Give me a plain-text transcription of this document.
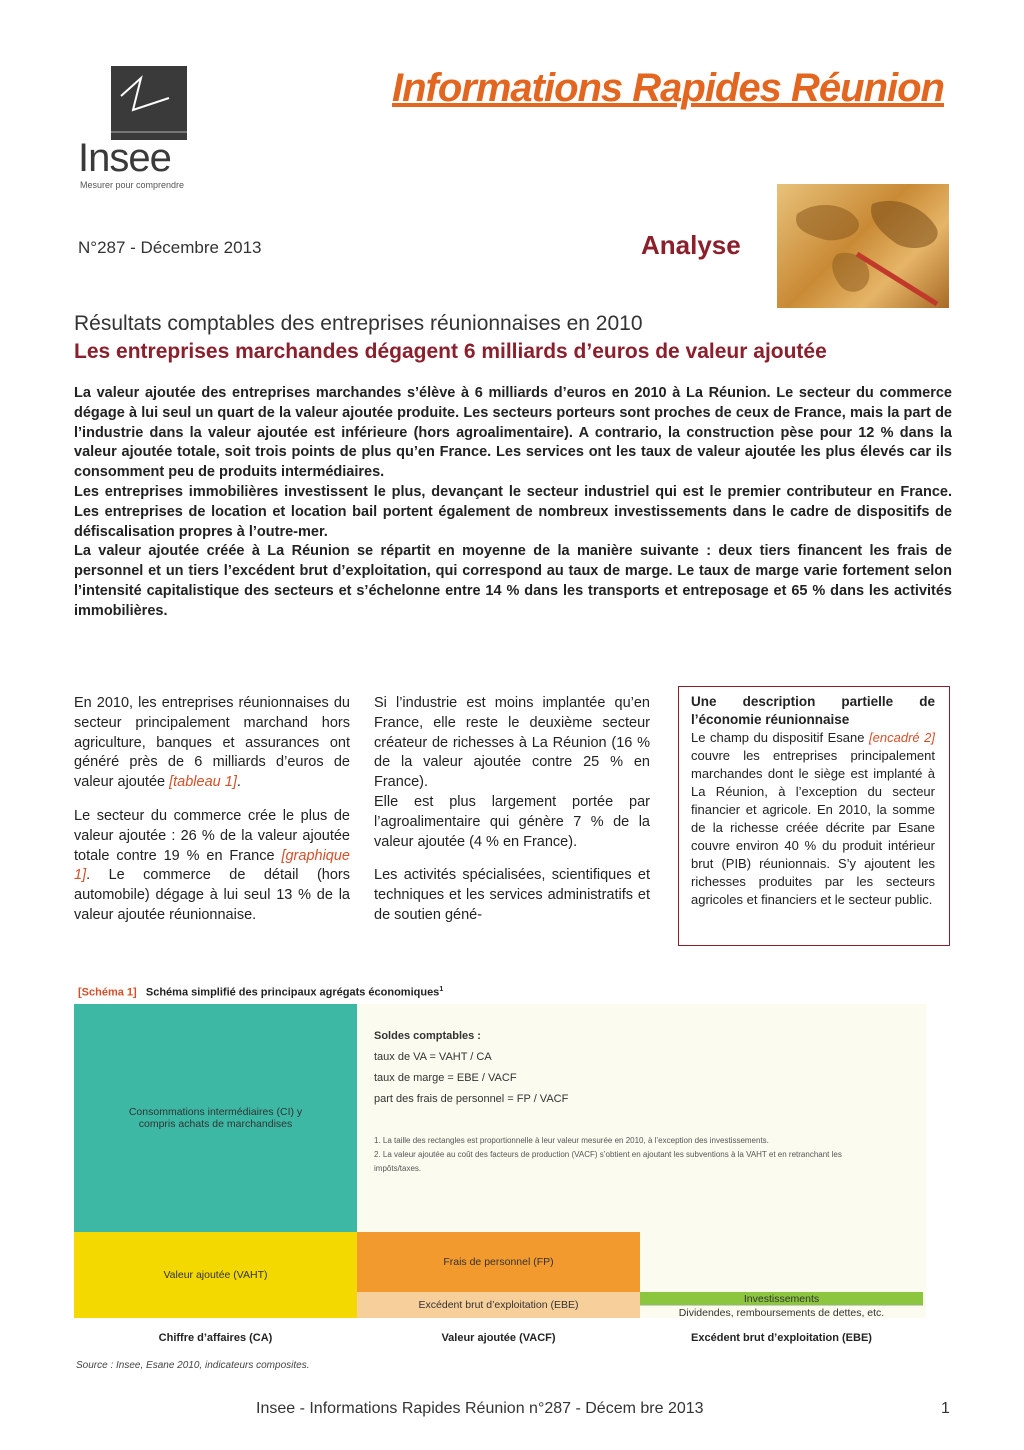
Insee
Mesurer pour comprendre
Informations Rapides Réunion
N°287 - Décembre 2013	Analyse
Résultats comptables des entreprises réunionnaises en 2010
Les entreprises marchandes dégagent 6 milliards d’euros de valeur ajoutée

La valeur ajoutée des entreprises marchandes s’élève à 6 milliards d’euros en 2010 à La Réunion. Le secteur du commerce dégage à lui seul un quart de la valeur ajoutée produite. Les secteurs porteurs sont proches de ceux de France, mais la part de l’industrie dans la valeur ajoutée est inférieure (hors agroalimentaire). A contrario, la construction pèse pour 12 % dans la valeur ajoutée totale, soit trois points de plus qu’en France. Les services ont les taux de valeur ajoutée les plus élevés car ils consomment peu de produits intermédiaires.

Les entreprises immobilières investissent le plus, devançant le secteur industriel qui est le premier contributeur en France. Les entreprises de location et location bail portent également de nombreux investissements dans le cadre de dispositifs de défiscalisation propres à l’outre-mer.

La valeur ajoutée créée à La Réunion se répartit en moyenne de la manière suivante : deux tiers financent les frais de personnel et un tiers l’excédent brut d’exploitation, qui correspond au taux de marge. Le taux de marge varie fortement selon l’intensité capitalistique des secteurs et s’échelonne entre 14 % dans les transports et entreposage et 65 % dans les activités immobilières.

En 2010, les entreprises réunionnaises du secteur principalement marchand hors agriculture, banques et assurances ont généré près de 6 milliards d’euros de valeur ajoutée [tableau 1].

Le secteur du commerce crée le plus de valeur ajoutée : 26 % de la valeur ajoutée totale contre 19 % en France [graphique 1]. Le commerce de détail (hors automobile) dégage à lui seul 13 % de la valeur ajoutée réunionnaise.

Si l’industrie est moins implantée qu’en France, elle reste le deuxième secteur créateur de richesses à La Réunion (16 % de la valeur ajoutée contre 25 % en France).

Elle est plus largement portée par l’agroalimentaire qui génère 7 % de la valeur ajoutée (4 % en France).

Les activités spécialisées, scientifiques et techniques et les services administratifs et de soutien géné-

Une description partielle de l’économie réunionnaise
Le champ du dispositif Esane [encadré 2] couvre les entreprises principalement marchandes dont le siège est implanté à La Réunion, à l’exception du secteur financier et agricole. En 2010, la somme de la richesse créée décrite par Esane couvre environ 40 % du produit intérieur brut (PIB) réunionnais. S’y ajoutent les richesses produites par les secteurs agricoles et financiers et le secteur public.
[Schéma 1] Schéma simplifié des principaux agrégats économiques$^1$
Consommations intermédiaires (CI) y compris achats de marchandises
Valeur ajoutée (VAHT)
Frais de personnel (FP)
Excédent brut d’exploitation (EBE)
Investissements
Dividendes, remboursements de dettes, etc.
Soldes comptables :
taux de VA = VAHT / CA
taux de marge = EBE / VACF
part des frais de personnel = FP / VACF
1. La taille des rectangles est proportionnelle à leur valeur mesurée en 2010, à l’exception des investissements.
2. La valeur ajoutée au coût des facteurs de production (VACF) s’obtient en ajoutant les subventions à la VAHT et en retranchant les impôts/taxes.
Chiffre d’affaires (CA)	Valeur ajoutée (VACF)	Excédent brut d’exploitation (EBE)
Source : Insee, Esane 2010, indicateurs composites.
Insee - Informations Rapides Réunion n°287 - Décem bre 2013	1
